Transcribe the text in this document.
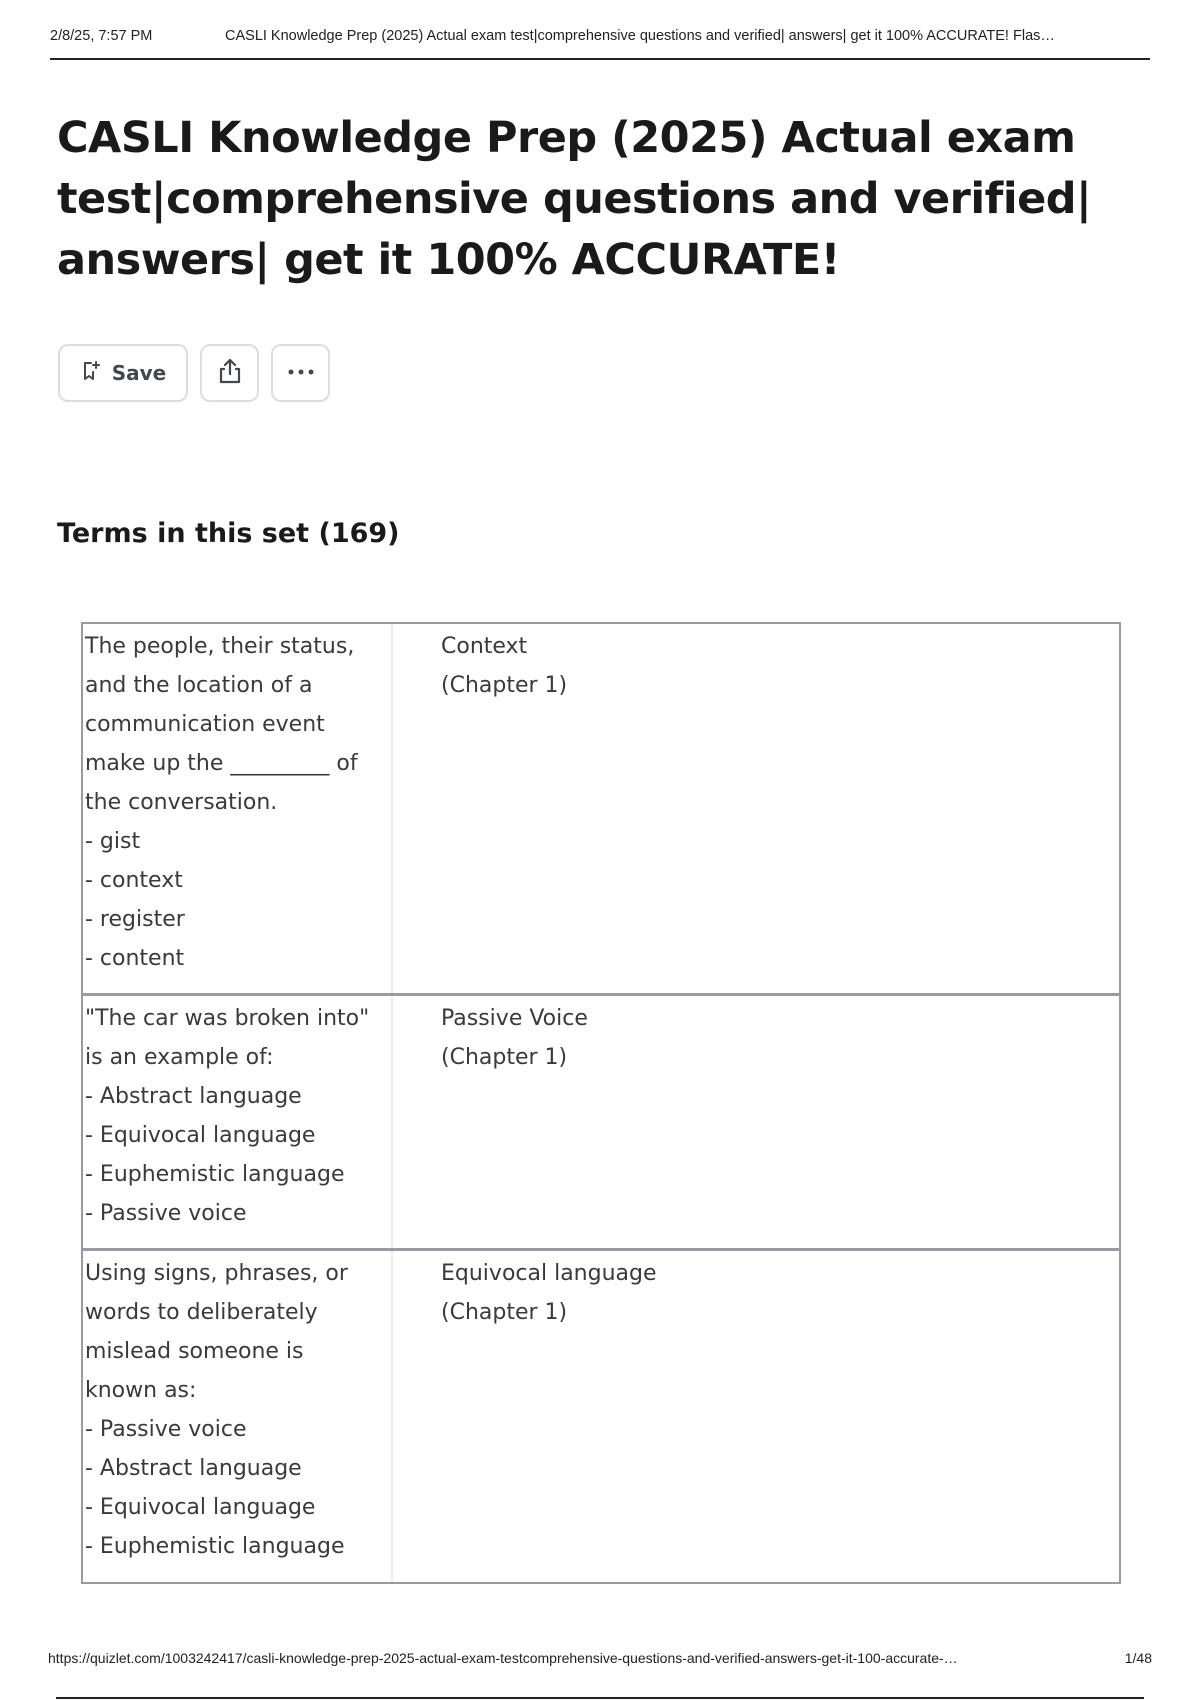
2/8/25, 7:57 PM	CASLI Knowledge Prep (2025) Actual exam test|comprehensive questions and verified| answers| get it 100% ACCURATE! Flas…
CASLI Knowledge Prep (2025) Actual exam
test|comprehensive questions and verified|
answers| get it 100% ACCURATE!
Save
Terms in this set (169)
The people, their status,
and the location of a
communication event
make up the _________ of
the conversation.
- gist
- context
- register
- content
Context
(Chapter 1)
"The car was broken into"
is an example of:
- Abstract language
- Equivocal language
- Euphemistic language
- Passive voice
Passive Voice
(Chapter 1)
Using signs, phrases, or
words to deliberately
mislead someone is
known as:
- Passive voice
- Abstract language
- Equivocal language
- Euphemistic language
Equivocal language
(Chapter 1)
https://quizlet.com/1003242417/casli-knowledge-prep-2025-actual-exam-testcomprehensive-questions-and-verified-answers-get-it-100-accurate-…	1/48
